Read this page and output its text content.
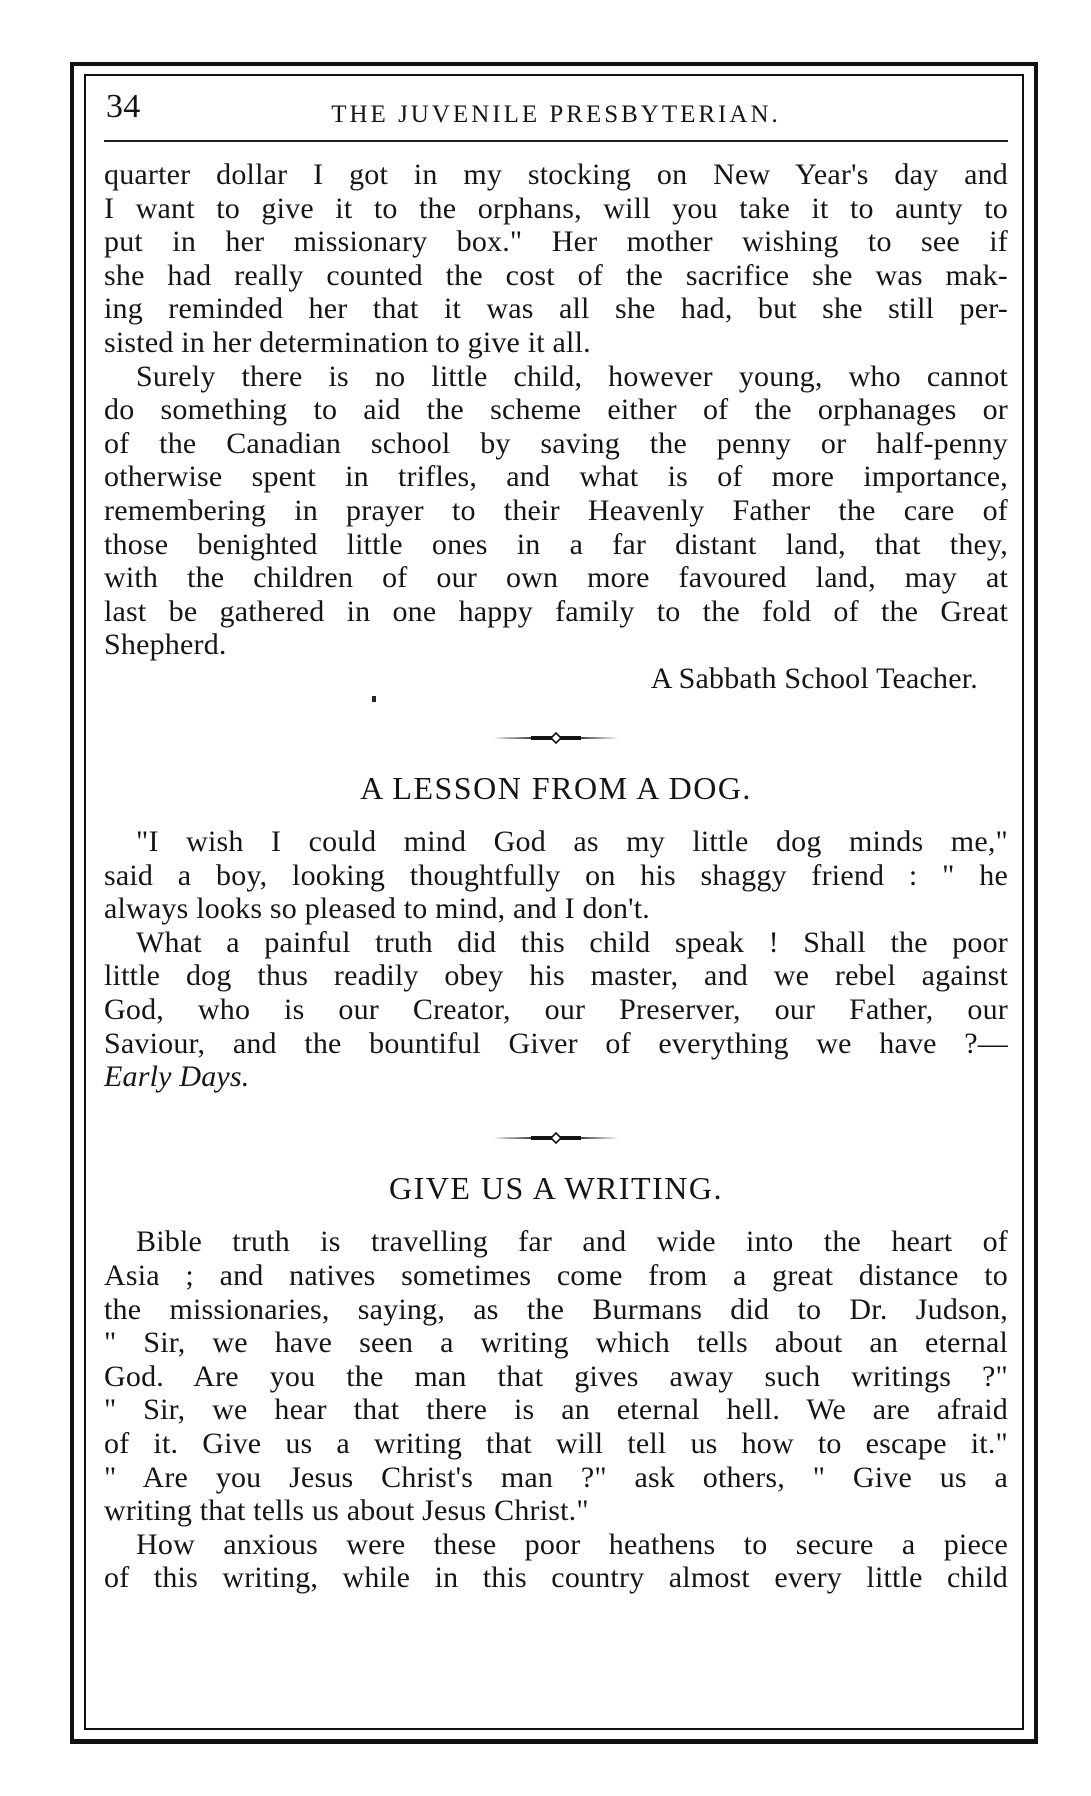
34	THE JUVENILE PRESBYTERIAN.
quarter dollar I got in my stocking on New Year's day and
I want to give it to the orphans, will you take it to aunty to
put in her missionary box." Her mother wishing to see if
she had really counted the cost of the sacrifice she was mak-
ing reminded her that it was all she had, but she still per-
sisted in her determination to give it all.
Surely there is no little child, however young, who cannot
do something to aid the scheme either of the orphanages or
of the Canadian school by saving the penny or half-penny
otherwise spent in trifles, and what is of more importance,
remembering in prayer to their Heavenly Father the care of
those benighted little ones in a far distant land, that they,
with the children of our own more favoured land, may at
last be gathered in one happy family to the fold of the Great
Shepherd.
A Sabbath School Teacher.
A LESSON FROM A DOG.
"I wish I could mind God as my little dog minds me,"
said a boy, looking thoughtfully on his shaggy friend : " he
always looks so pleased to mind, and I don't.
What a painful truth did this child speak ! Shall the poor
little dog thus readily obey his master, and we rebel against
God, who is our Creator, our Preserver, our Father, our
Saviour, and the bountiful Giver of everything we have ?—
Early Days.
GIVE US A WRITING.
Bible truth is travelling far and wide into the heart of
Asia ; and natives sometimes come from a great distance to
the missionaries, saying, as the Burmans did to Dr. Judson,
" Sir, we have seen a writing which tells about an eternal
God. Are you the man that gives away such writings ?"
" Sir, we hear that there is an eternal hell. We are afraid
of it. Give us a writing that will tell us how to escape it."
" Are you Jesus Christ's man ?" ask others, " Give us a
writing that tells us about Jesus Christ."
How anxious were these poor heathens to secure a piece
of this writing, while in this country almost every little child
